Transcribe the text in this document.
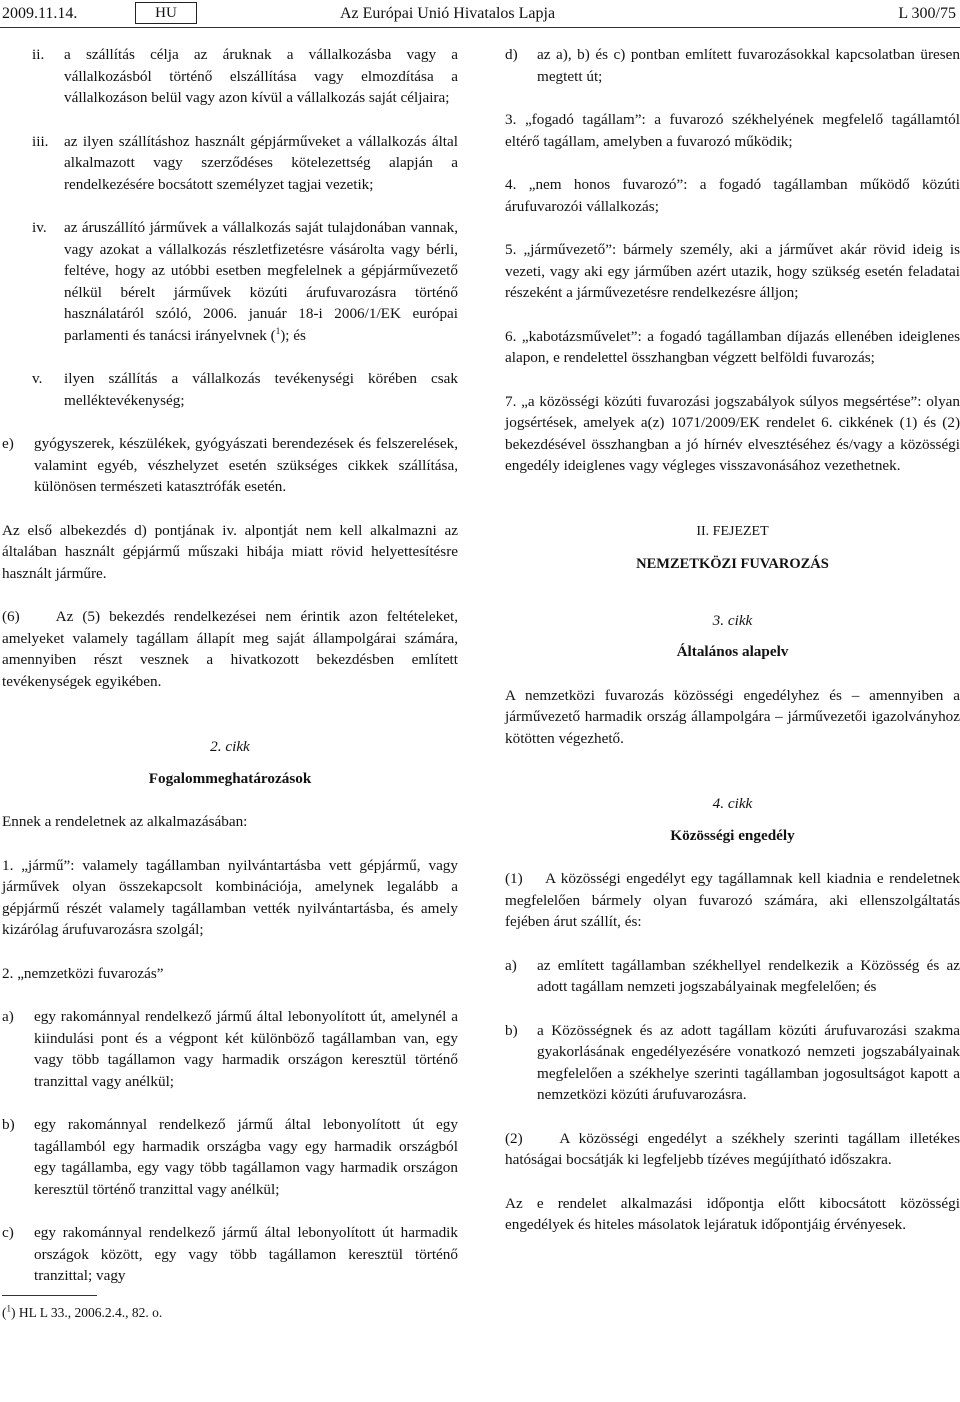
2009.11.14.	HU	Az Európai Unió Hivatalos Lapja	L 300/75
ii. a szállítás célja az áruknak a vállalkozásba vagy a vállalkozásból történő elszállítása vagy elmozdítása a vállalkozáson belül vagy azon kívül a vállalkozás saját céljaira;
iii. az ilyen szállításhoz használt gépjárműveket a vállalkozás által alkalmazott vagy szerződéses kötelezettség alapján a rendelkezésére bocsátott személyzet tagjai vezetik;
iv. az áruszállító járművek a vállalkozás saját tulajdonában vannak, vagy azokat a vállalkozás részletfizetésre vásárolta vagy bérli, feltéve, hogy az utóbbi esetben megfelelnek a gépjárművezető nélkül bérelt járművek közúti árufuvarozásra történő használatáról szóló, 2006. január 18-i 2006/1/EK európai parlamenti és tanácsi irányelvnek ($^1$); és
v. ilyen szállítás a vállalkozás tevékenységi körében csak melléktevékenység;
e) gyógyszerek, készülékek, gyógyászati berendezések és felszerelések, valamint egyéb, vészhelyzet esetén szükséges cikkek szállítása, különösen természeti katasztrófák esetén.

Az első albekezdés d) pontjának iv. alpontját nem kell alkalmazni az általában használt gépjármű műszaki hibája miatt rövid helyettesítésre használt járműre.

(6) Az (5) bekezdés rendelkezései nem érintik azon feltételeket, amelyeket valamely tagállam állapít meg saját állampolgárai számára, amennyiben részt vesznek a hivatkozott bekezdésben említett tevékenységek egyikében.

2. cikk
Fogalommeghatározások

Ennek a rendeletnek az alkalmazásában:

1. „jármű”: valamely tagállamban nyilvántartásba vett gépjármű, vagy járművek olyan összekapcsolt kombinációja, amelynek legalább a gépjármű részét valamely tagállamban vették nyilvántartásba, és amely kizárólag árufuvarozásra szolgál;

2. „nemzetközi fuvarozás”

a) egy rakománnyal rendelkező jármű által lebonyolított út, amelynél a kiindulási pont és a végpont két különböző tagállamban van, egy vagy több tagállamon vagy harmadik országon keresztül történő tranzittal vagy anélkül;
b) egy rakománnyal rendelkező jármű által lebonyolított út egy tagállamból egy harmadik országba vagy egy harmadik országból egy tagállamba, egy vagy több tagállamon vagy harmadik országon keresztül történő tranzittal vagy anélkül;
c) egy rakománnyal rendelkező jármű által lebonyolított út harmadik országok között, egy vagy több tagállamon keresztül történő tranzittal; vagy
($^1$) HL L 33., 2006.2.4., 82. o.
d) az a), b) és c) pontban említett fuvarozásokkal kapcsolatban üresen megtett út;

3. „fogadó tagállam”: a fuvarozó székhelyének megfelelő tagállamtól eltérő tagállam, amelyben a fuvarozó működik;

4. „nem honos fuvarozó”: a fogadó tagállamban működő közúti árufuvarozói vállalkozás;

5. „járművezető”: bármely személy, aki a járművet akár rövid ideig is vezeti, vagy aki egy járműben azért utazik, hogy szükség esetén feladatai részeként a járművezetésre rendelkezésre álljon;

6. „kabotázsművelet”: a fogadó tagállamban díjazás ellenében ideiglenes alapon, e rendelettel összhangban végzett belföldi fuvarozás;

7. „a közösségi közúti fuvarozási jogszabályok súlyos megsértése”: olyan jogsértések, amelyek a(z) 1071/2009/EK rendelet 6. cikkének (1) és (2) bekezdésével összhangban a jó hírnév elvesztéséhez és/vagy a közösségi engedély ideiglenes vagy végleges visszavonásához vezethetnek.

II. FEJEZET
NEMZETKÖZI FUVAROZÁS
3. cikk
Általános alapelv

A nemzetközi fuvarozás közösségi engedélyhez és – amennyiben a járművezető harmadik ország állampolgára – járművezetői igazolványhoz kötötten végezhető.

4. cikk
Közösségi engedély

(1) A közösségi engedélyt egy tagállamnak kell kiadnia e rendeletnek megfelelően bármely olyan fuvarozó számára, aki ellenszolgáltatás fejében árut szállít, és:

a) az említett tagállamban székhellyel rendelkezik a Közösség és az adott tagállam nemzeti jogszabályainak megfelelően; és
b) a Közösségnek és az adott tagállam közúti árufuvarozási szakma gyakorlásának engedélyezésére vonatkozó nemzeti jogszabályainak megfelelően a székhelye szerinti tagállamban jogosultságot kapott a nemzetközi közúti árufuvarozásra.

(2) A közösségi engedélyt a székhely szerinti tagállam illetékes hatóságai bocsátják ki legfeljebb tízéves megújítható időszakra.

Az e rendelet alkalmazási időpontja előtt kibocsátott közösségi engedélyek és hiteles másolatok lejáratuk időpontjáig érvényesek.
